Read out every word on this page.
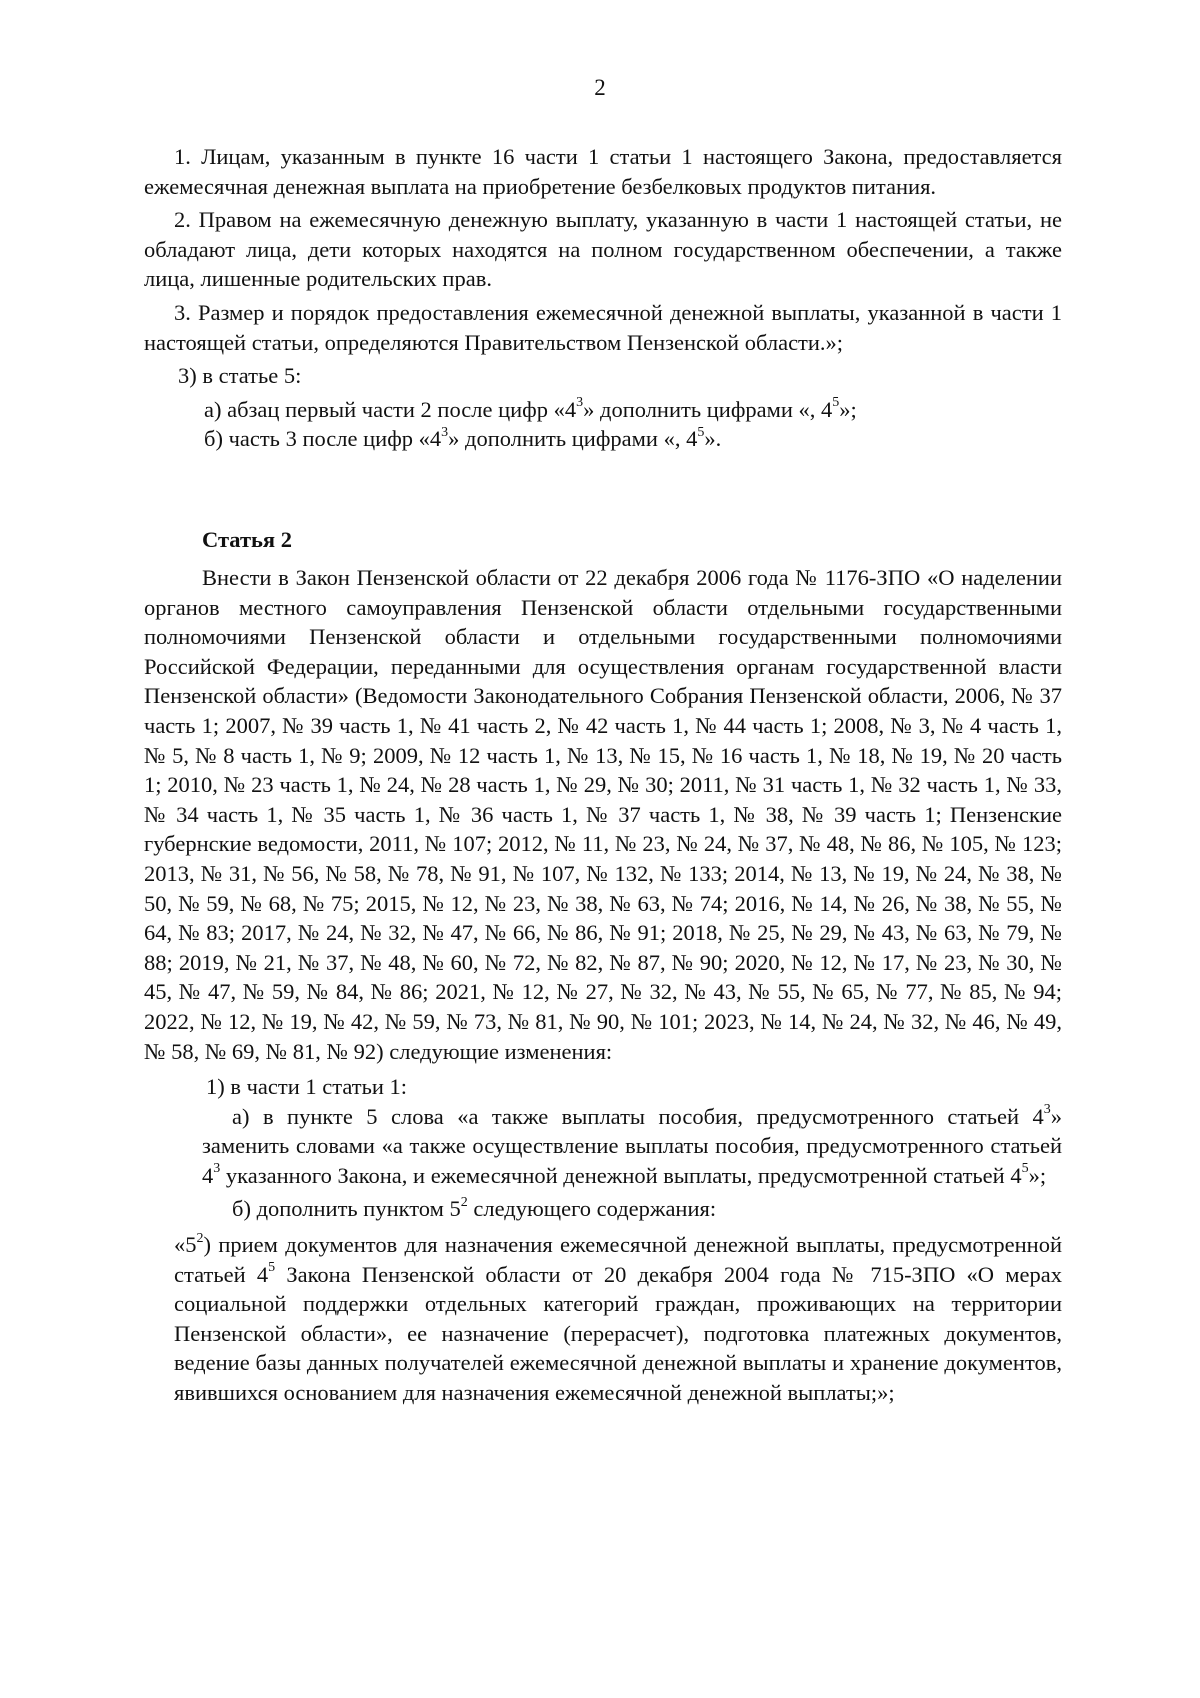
2

1. Лицам, указанным в пункте 16 части 1 статьи 1 настоящего Закона, предоставляется ежемесячная денежная выплата на приобретение безбелковых продуктов питания.

2. Правом на ежемесячную денежную выплату, указанную в части 1 настоящей статьи, не обладают лица, дети которых находятся на полном государственном обеспечении, а также лица, лишенные родительских прав.

3. Размер и порядок предоставления ежемесячной денежной выплаты, указанной в части 1 настоящей статьи, определяются Правительством Пензенской области.»;

3) в статье 5:

а) абзац первый части 2 после цифр «$4^3$» дополнить цифрами «, $4^5$»;

б) часть 3 после цифр «$4^3$» дополнить цифрами «, $4^5$».

Статья 2

Внести в Закон Пензенской области от 22 декабря 2006 года № 1176-ЗПО «О наделении органов местного самоуправления Пензенской области отдельными государственными полномочиями Пензенской области и отдельными государственными полномочиями Российской Федерации, переданными для осуществления органам государственной власти Пензенской области» (Ведомости Законодательного Собрания Пензенской области, 2006, № 37 часть 1; 2007, № 39 часть 1, № 41 часть 2, № 42 часть 1, № 44 часть 1; 2008, № 3, № 4 часть 1, № 5, № 8 часть 1, № 9; 2009, № 12 часть 1, № 13, № 15, № 16 часть 1, № 18, № 19, № 20 часть 1; 2010, № 23 часть 1, № 24, № 28 часть 1, № 29, № 30; 2011, № 31 часть 1, № 32 часть 1, № 33, № 34 часть 1, № 35 часть 1, № 36 часть 1, № 37 часть 1, № 38, № 39 часть 1; Пензенские губернские ведомости, 2011, № 107; 2012, № 11, № 23, № 24, № 37, № 48, № 86, № 105, № 123; 2013, № 31, № 56, № 58, № 78, № 91, № 107, № 132, № 133; 2014, № 13, № 19, № 24, № 38, № 50, № 59, № 68, № 75; 2015, № 12, № 23, № 38, № 63, № 74; 2016, № 14, № 26, № 38, № 55, № 64, № 83; 2017, № 24, № 32, № 47, № 66, № 86, № 91; 2018, № 25, № 29, № 43, № 63, № 79, № 88; 2019, № 21, № 37, № 48, № 60, № 72, № 82, № 87, № 90; 2020, № 12, № 17, № 23, № 30, № 45, № 47, № 59, № 84, № 86; 2021, № 12, № 27, № 32, № 43, № 55, № 65, № 77, № 85, № 94; 2022, № 12, № 19, № 42, № 59, № 73, № 81, № 90, № 101; 2023, № 14, № 24, № 32, № 46, № 49, № 58, № 69, № 81, № 92) следующие изменения:

1) в части 1 статьи 1:

а) в пункте 5 слова «а также выплаты пособия, предусмотренного статьей $4^3$» заменить словами «а также осуществление выплаты пособия, предусмотренного статьей $4^3$ указанного Закона, и ежемесячной денежной выплаты, предусмотренной статьей $4^5$»;

б) дополнить пунктом $5^2$ следующего содержания:

«$5^2$) прием документов для назначения ежемесячной денежной выплаты, предусмотренной статьей $4^5$ Закона Пензенской области от 20 декабря 2004 года № 715-ЗПО «О мерах социальной поддержки отдельных категорий граждан, проживающих на территории Пензенской области», ее назначение (перерасчет), подготовка платежных документов, ведение базы данных получателей ежемесячной денежной выплаты и хранение документов, явившихся основанием для назначения ежемесячной денежной выплаты;»;
